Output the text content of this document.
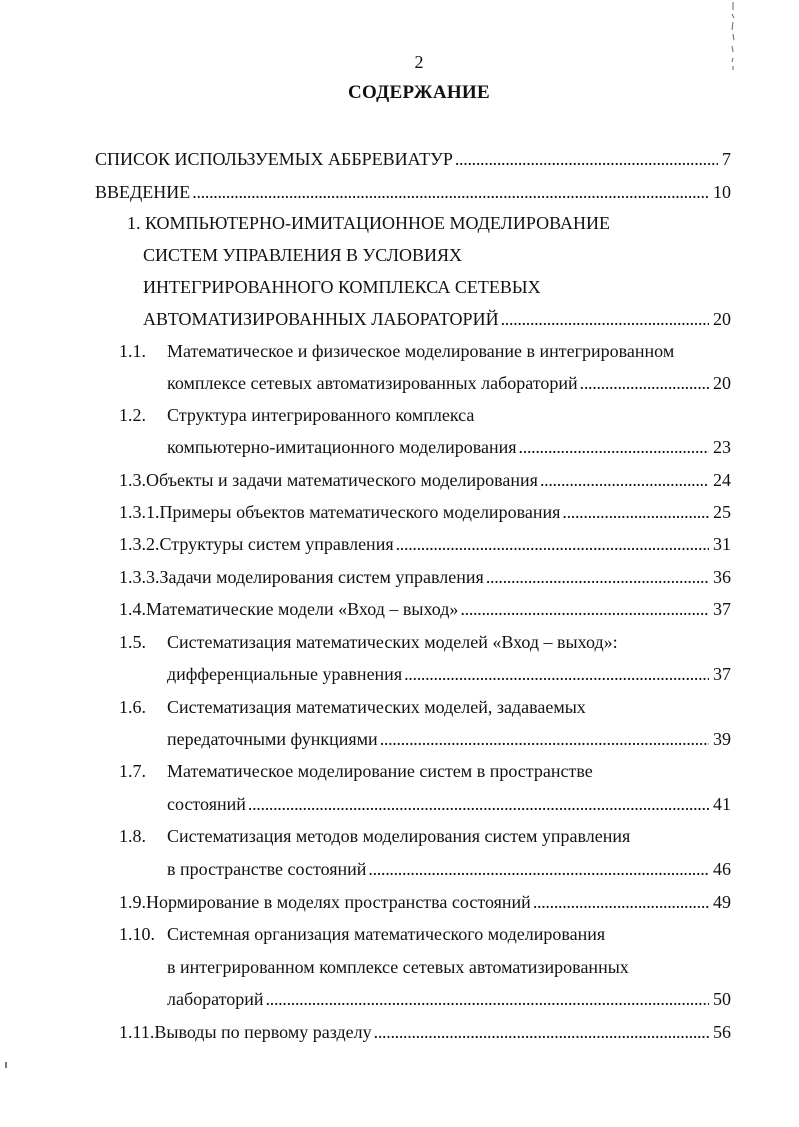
2
СОДЕРЖАНИЕ
СПИСОК ИСПОЛЬЗУЕМЫХ АББРЕВИАТУР . . .	7
ВВЕДЕНИЕ . . .	10
1. КОМПЬЮТЕРНО-ИМИТАЦИОННОЕ МОДЕЛИРОВАНИЕ
СИСТЕМ УПРАВЛЕНИЯ В УСЛОВИЯХ
ИНТЕГРИРОВАННОГО КОМПЛЕКСА СЕТЕВЫХ
АВТОМАТИЗИРОВАННЫХ ЛАБОРАТОРИЙ . . .	20
1.1.	Математическое и физическое моделирование в интегрированном
комплексе сетевых автоматизированных лабораторий . . .	20
1.2.	Структура интегрированного комплекса
компьютерно-имитационного моделирования . . .	23
1.3. Объекты и задачи математического моделирования . . .	24
1.3.1. Примеры объектов математического моделирования . . .	25
1.3.2. Структуры систем управления . . .	31
1.3.3. Задачи моделирования систем управления . . .	36
1.4. Математические модели «Вход – выход» . . .	37
1.5.	Систематизация математических моделей «Вход – выход»:
дифференциальные уравнения . . .	37
1.6.	Систематизация математических моделей, задаваемых
передаточными функциями . . .	39
1.7.	Математическое моделирование систем в пространстве
состояний . . .	41
1.8.	Систематизация методов моделирования систем управления
в пространстве состояний . . .	46
1.9. Нормирование в моделях пространства состояний . . .	49
1.10. Системная организация математического моделирования
в интегрированном комплексе сетевых автоматизированных
лабораторий . . .	50
1.11. Выводы по первому разделу . . .	56
